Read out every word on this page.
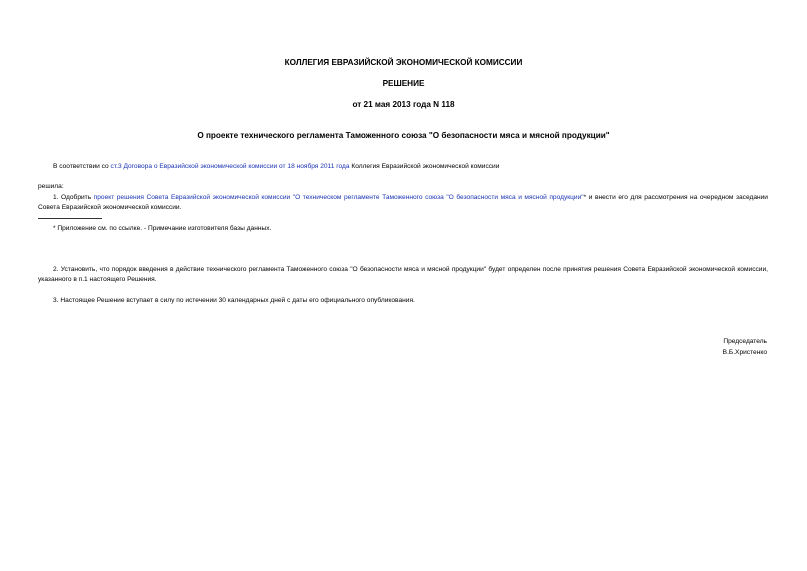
КОЛЛЕГИЯ ЕВРАЗИЙСКОЙ ЭКОНОМИЧЕСКОЙ КОМИССИИ
РЕШЕНИЕ
от 21 мая 2013 года N 118
О проекте технического регламента Таможенного союза "О безопасности мяса и мясной продукции"
В соответствии со ст.3 Договора о Евразийской экономической комиссии от 18 ноября 2011 года Коллегия Евразийской экономической комиссии
решила:
1. Одобрить проект решения Совета Евразийской экономической комиссии "О техническом регламенте Таможенного союза "О безопасности мяса и мясной продукции"* и внести его для рассмотрения на очередном заседании Совета Евразийской экономической комиссии.
* Приложение см. по ссылке. - Примечание изготовителя базы данных.
2. Установить, что порядок введения в действие технического регламента Таможенного союза "О безопасности мяса и мясной продукции" будет определен после принятия решения Совета Евразийской экономической комиссии, указанного в п.1 настоящего Решения.
3. Настоящее Решение вступает в силу по истечении 30 календарных дней с даты его официального опубликования.
Председатель
В.Б.Христенко
